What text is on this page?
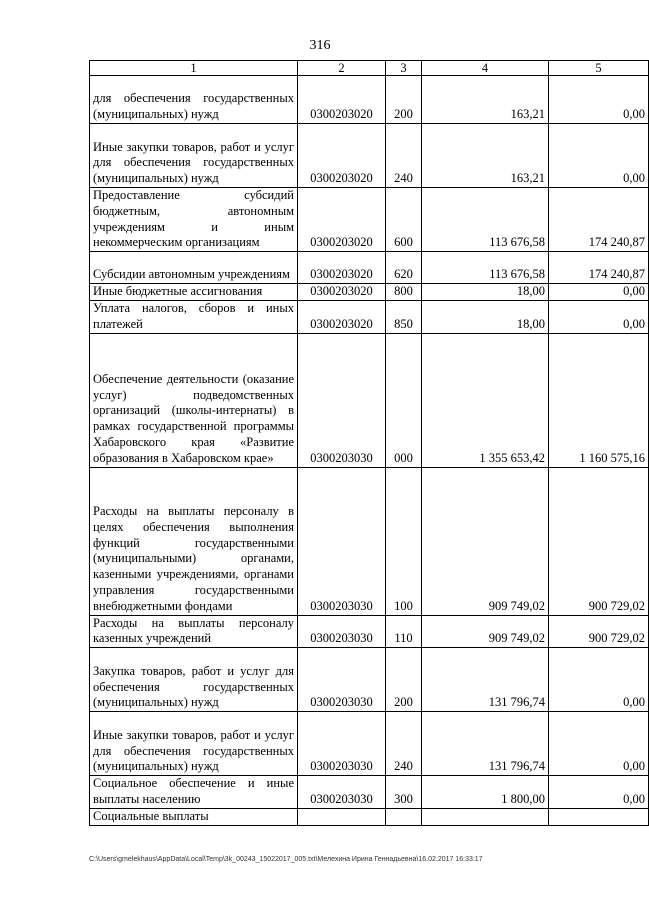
316
1	2	3	4	5
для обеспечения государственных (муниципальных) нужд	0300203020	200	163,21	0,00
Иные закупки товаров, работ и услуг для обеспечения государственных (муниципальных) нужд	0300203020	240	163,21	0,00
Предоставление субсидий бюджетным, автономным учреждениям и иным некоммерческим организациям	0300203020	600	113 676,58	174 240,87
Субсидии автономным учреждениям	0300203020	620	113 676,58	174 240,87
Иные бюджетные ассигнования	0300203020	800	18,00	0,00
Уплата налогов, сборов и иных платежей	0300203020	850	18,00	0,00
Обеспечение деятельности (оказание услуг) подведомственных организаций (школы-интернаты) в рамках государственной программы Хабаровского края «Развитие образования в Хабаровском крае»	0300203030	000	1 355 653,42	1 160 575,16
Расходы на выплаты персоналу в целях обеспечения выполнения функций государственными (муниципальными) органами, казенными учреждениями, органами управления государственными внебюджетными фондами	0300203030	100	909 749,02	900 729,02
Расходы на выплаты персоналу казенных учреждений	0300203030	110	909 749,02	900 729,02
Закупка товаров, работ и услуг для обеспечения государственных (муниципальных) нужд	0300203030	200	131 796,74	0,00
Иные закупки товаров, работ и услуг для обеспечения государственных (муниципальных) нужд	0300203030	240	131 796,74	0,00
Социальное обеспечение и иные выплаты населению	0300203030	300	1 800,00	0,00
Социальные выплаты				
C:\Users\gmelekhaus\AppData\Local\Temp\3k_00243_15022017_005.txt\Мелехина Ирина Геннадьевна\16.02.2017 16:33:17
